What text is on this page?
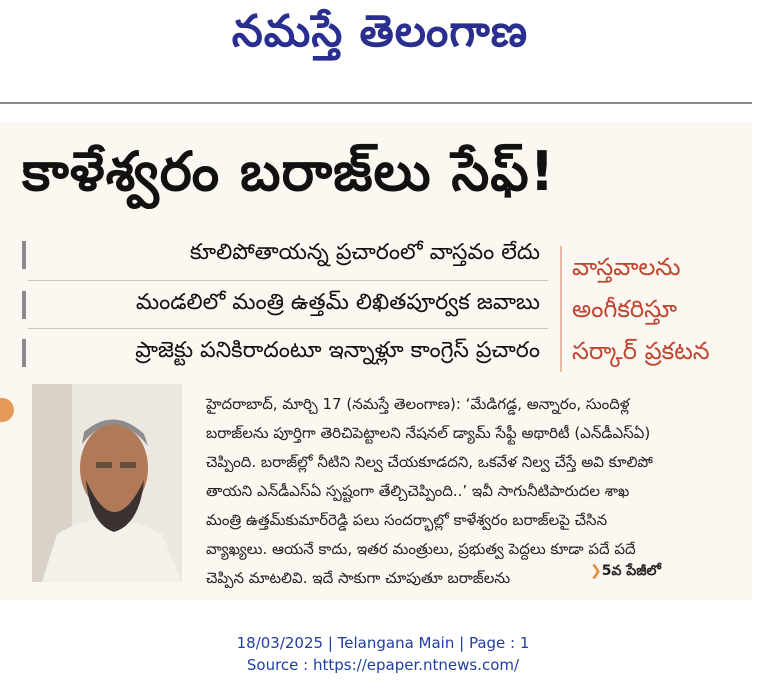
నమస్తే తెలంగాణ
కాళేశ్వరం బరాజ్‌లు సేఫ్‌!
కూలిపోతాయన్న ప్రచారంలో వాస్తవం లేదు
మండలిలో మంత్రి ఉత్తమ్‌ లిఖితపూర్వక జవాబు
ప్రాజెక్టు పనికిరాదంటూ ఇన్నాళ్లూ కాంగ్రెస్‌ ప్రచారం
వాస్తవాలను
అంగీకరిస్తూ
సర్కార్‌ ప్రకటన

హైదరాబాద్‌, మార్చి 17 (నమస్తే తెలంగాణ): ‘మేడిగడ్డ, అన్నారం, సుందిళ్ల

బరాజ్‌లను పూర్తిగా తెరిచిపెట్టాలని నేషనల్‌ డ్యామ్‌ సేఫ్టీ అథారిటీ (ఎన్‌డీఎస్‌ఏ)

చెప్పింది. బరాజ్‌ల్లో నీటిని నిల్వ చేయకూడదని, ఒకవేళ నిల్వ చేస్తే అవి కూలిపో

తాయని ఎన్‌డీఎస్‌ఏ స్పష్టంగా తేల్చిచెప్పింది..’ ఇవీ సాగునీటిపారుదల శాఖ

మంత్రి ఉత్తమ్‌కుమార్‌రెడ్డి పలు సందర్భాల్లో కాళేశ్వరం బరాజ్‌లపై చేసిన

వ్యాఖ్యలు. ఆయనే కాదు, ఇతర మంత్రులు, ప్రభుత్వ పెద్దలు కూడా పదే పదే

చెప్పిన మాటలివి. ఇదే సాకుగా చూపుతూ బరాజ్‌లను	❯5వ పేజీలో
18/03/2025 | Telangana Main | Page : 1
Source : https://epaper.ntnews.com/
